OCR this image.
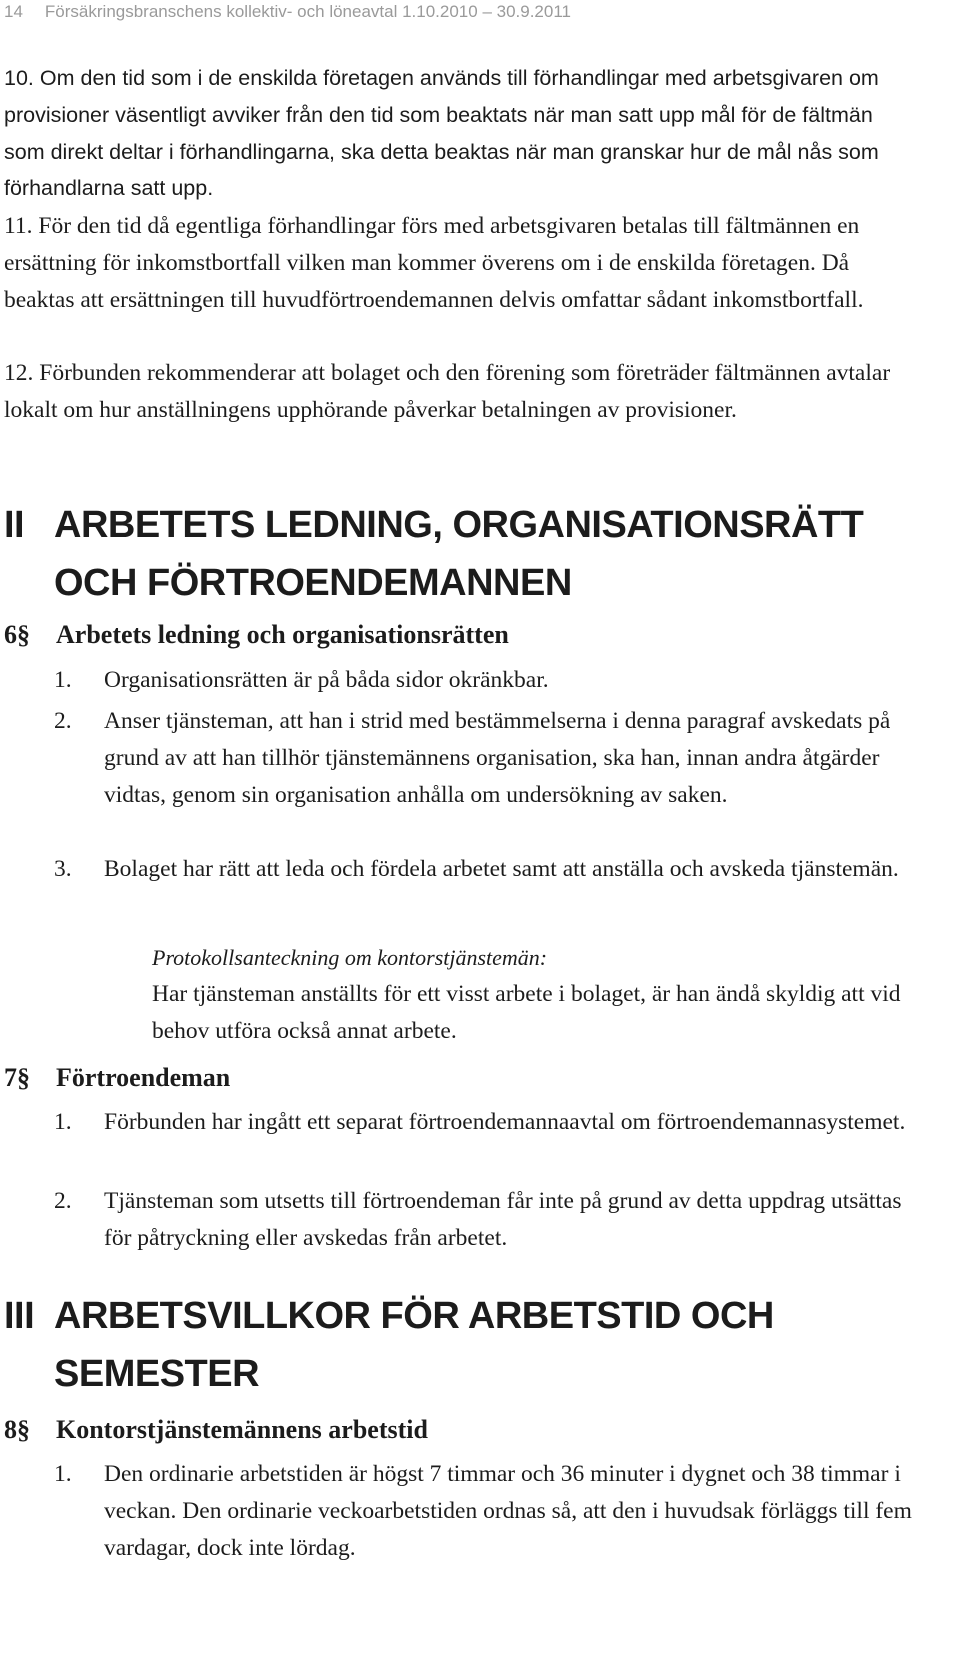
14 Försäkringsbranschens kollektiv- och löneavtal 1.10.2010 – 30.9.2011
10. Om den tid som i de enskilda företagen används till förhandlingar med arbetsgivaren om provisioner väsentligt avviker från den tid som beaktats när man satt upp mål för de fältmän som direkt deltar i förhandlingarna, ska detta beaktas när man granskar hur de mål nås som förhandlarna satt upp.
11. För den tid då egentliga förhandlingar förs med arbetsgivaren betalas till fältmännen en ersättning för inkomstbortfall vilken man kommer överens om i de enskilda företagen. Då beaktas att ersättningen till huvudförtroendemannen delvis omfattar sådant inkomstbortfall.
12. Förbunden rekommenderar att bolaget och den förening som företräder fältmännen avtalar lokalt om hur anställningens upphörande påverkar betalningen av provisioner.
II ARBETETS LEDNING, ORGANISATIONSRÄTT OCH FÖRTROENDEMANNEN
6§ Arbetets ledning och organisationsrätten
1. Organisationsrätten är på båda sidor okränkbar.
2. Anser tjänsteman, att han i strid med bestämmelserna i denna paragraf avskedats på grund av att han tillhör tjänstemännens organisation, ska han, innan andra åtgärder vidtas, genom sin organisation anhålla om undersökning av saken.
3. Bolaget har rätt att leda och fördela arbetet samt att anställa och avskeda tjänstemän.
Protokollsanteckning om kontorstjänstemän:
Har tjänsteman anställts för ett visst arbete i bolaget, är han ändå skyldig att vid behov utföra också annat arbete.
7§ Förtroendeman
1. Förbunden har ingått ett separat förtroendemannaavtal om förtroendemannasystemet.
2. Tjänsteman som utsetts till förtroendeman får inte på grund av detta uppdrag utsättas för påtryckning eller avskedas från arbetet.
III ARBETSVILLKOR FÖR ARBETSTID OCH SEMESTER
8§ Kontorstjänstemännens arbetstid
1. Den ordinarie arbetstiden är högst 7 timmar och 36 minuter i dygnet och 38 timmar i veckan. Den ordinarie veckoarbetstiden ordnas så, att den i huvudsak förläggs till fem vardagar, dock inte lördag.
